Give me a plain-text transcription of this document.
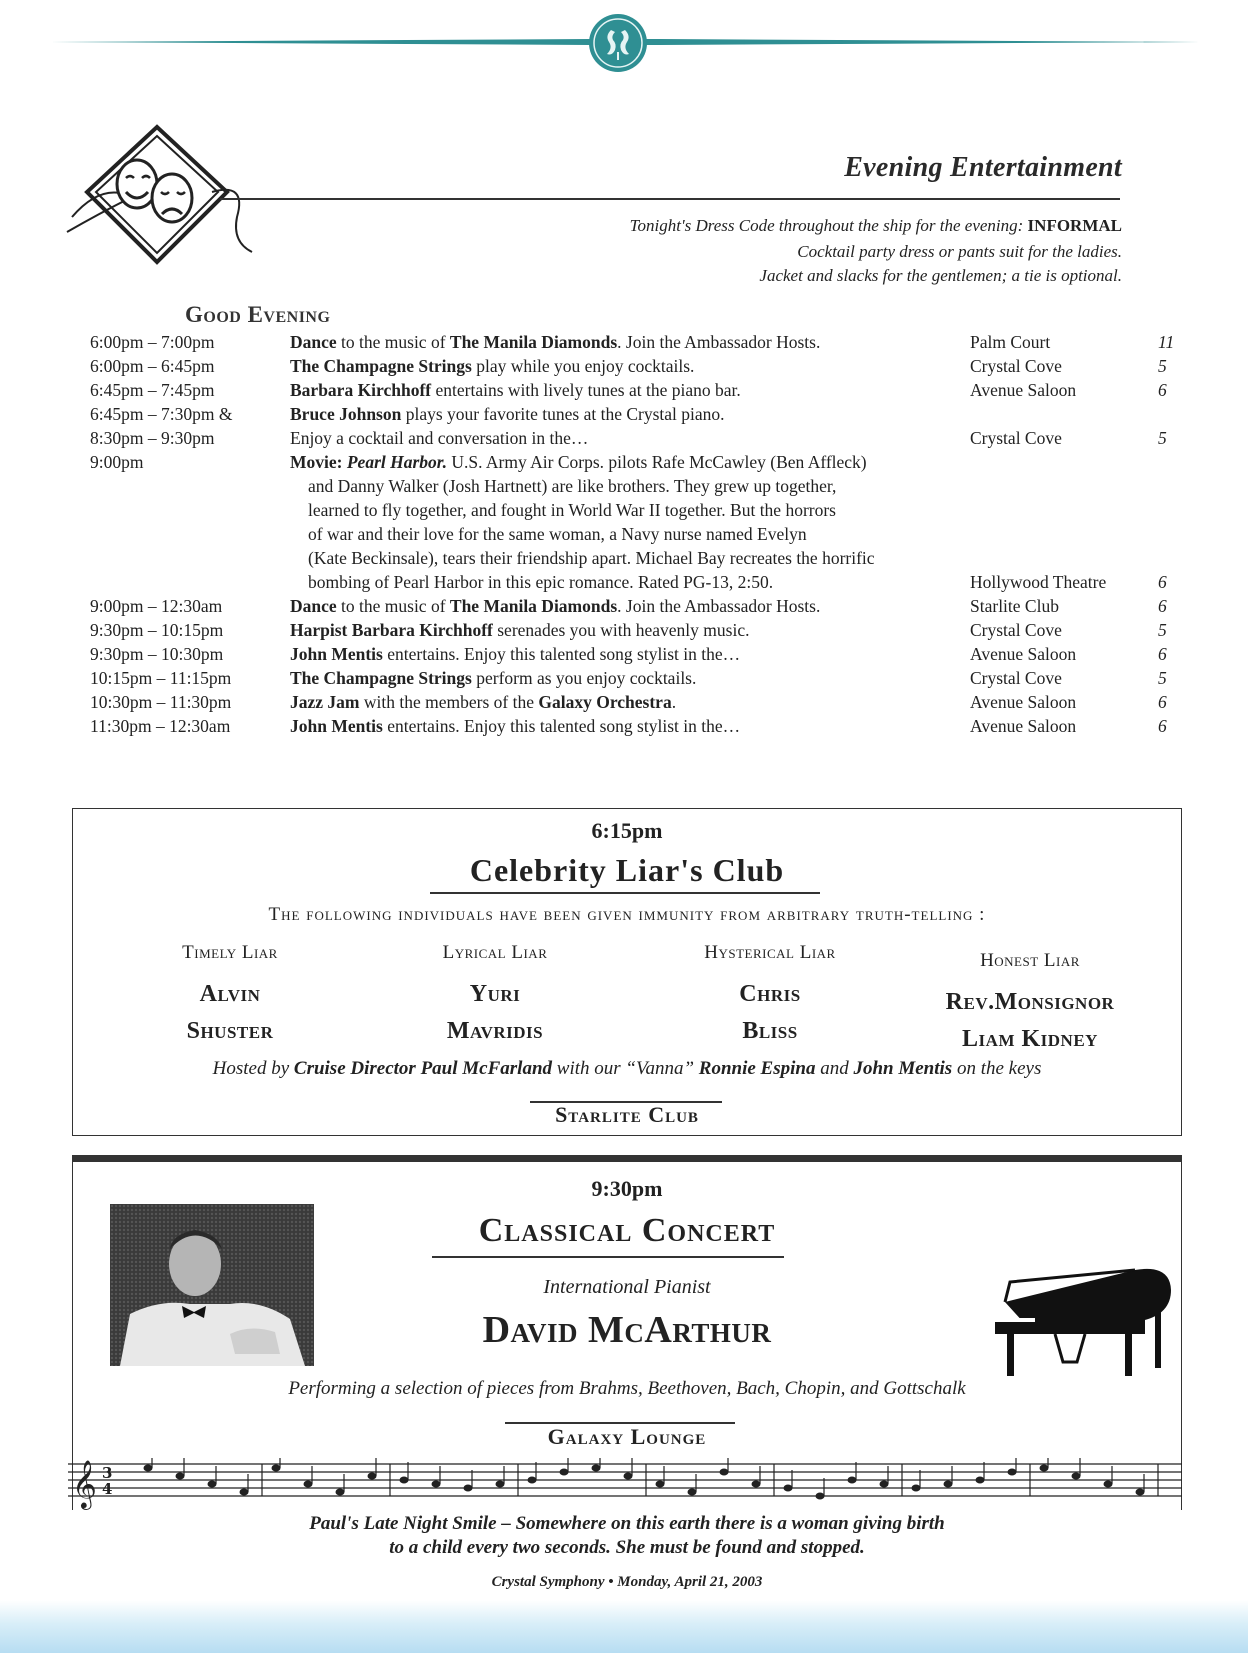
Evening Entertainment
Tonight's Dress Code throughout the ship for the evening: INFORMAL
Cocktail party dress or pants suit for the ladies.
Jacket and slacks for the gentlemen; a tie is optional.
Good Evening
6:00pm – 7:00pm	Dance to the music of The Manila Diamonds. Join the Ambassador Hosts.	Palm Court	11
6:00pm – 6:45pm	The Champagne Strings play while you enjoy cocktails.	Crystal Cove	5
6:45pm – 7:45pm	Barbara Kirchhoff entertains with lively tunes at the piano bar.	Avenue Saloon	6
6:45pm – 7:30pm &	Bruce Johnson plays your favorite tunes at the Crystal piano.
8:30pm – 9:30pm	Enjoy a cocktail and conversation in the…	Crystal Cove	5
9:00pm	Movie: Pearl Harbor. U.S. Army Air Corps. pilots Rafe McCawley (Ben Affleck)
and Danny Walker (Josh Hartnett) are like brothers. They grew up together,
learned to fly together, and fought in World War II together. But the horrors
of war and their love for the same woman, a Navy nurse named Evelyn
(Kate Beckinsale), tears their friendship apart. Michael Bay recreates the horrific
bombing of Pearl Harbor in this epic romance. Rated PG-13, 2:50.	Hollywood Theatre	6
9:00pm – 12:30am	Dance to the music of The Manila Diamonds. Join the Ambassador Hosts.	Starlite Club	6
9:30pm – 10:15pm	Harpist Barbara Kirchhoff serenades you with heavenly music.	Crystal Cove	5
9:30pm – 10:30pm	John Mentis entertains. Enjoy this talented song stylist in the…	Avenue Saloon	6
10:15pm – 11:15pm	The Champagne Strings perform as you enjoy cocktails.	Crystal Cove	5
10:30pm – 11:30pm	Jazz Jam with the members of the Galaxy Orchestra.	Avenue Saloon	6
11:30pm – 12:30am	John Mentis entertains. Enjoy this talented song stylist in the…	Avenue Saloon	6
6:15pm
Celebrity Liar's Club
The following individuals have been given immunity from arbitrary truth-telling :
Timely Liar
Alvin
Shuster
Lyrical Liar
Yuri
Mavridis
Hysterical Liar
Chris
Bliss
Honest Liar
Rev.Monsignor
Liam Kidney
Hosted by Cruise Director Paul McFarland with our “Vanna” Ronnie Espina and John Mentis on the keys
Starlite Club
9:30pm
Classical Concert
International Pianist
David McArthur
Performing a selection of pieces from Brahms, Beethoven, Bach, Chopin, and Gottschalk
Galaxy Lounge
𝄞 3
4
Paul's Late Night Smile – Somewhere on this earth there is a woman giving birth
to a child every two seconds. She must be found and stopped.
Crystal Symphony • Monday, April 21, 2003
